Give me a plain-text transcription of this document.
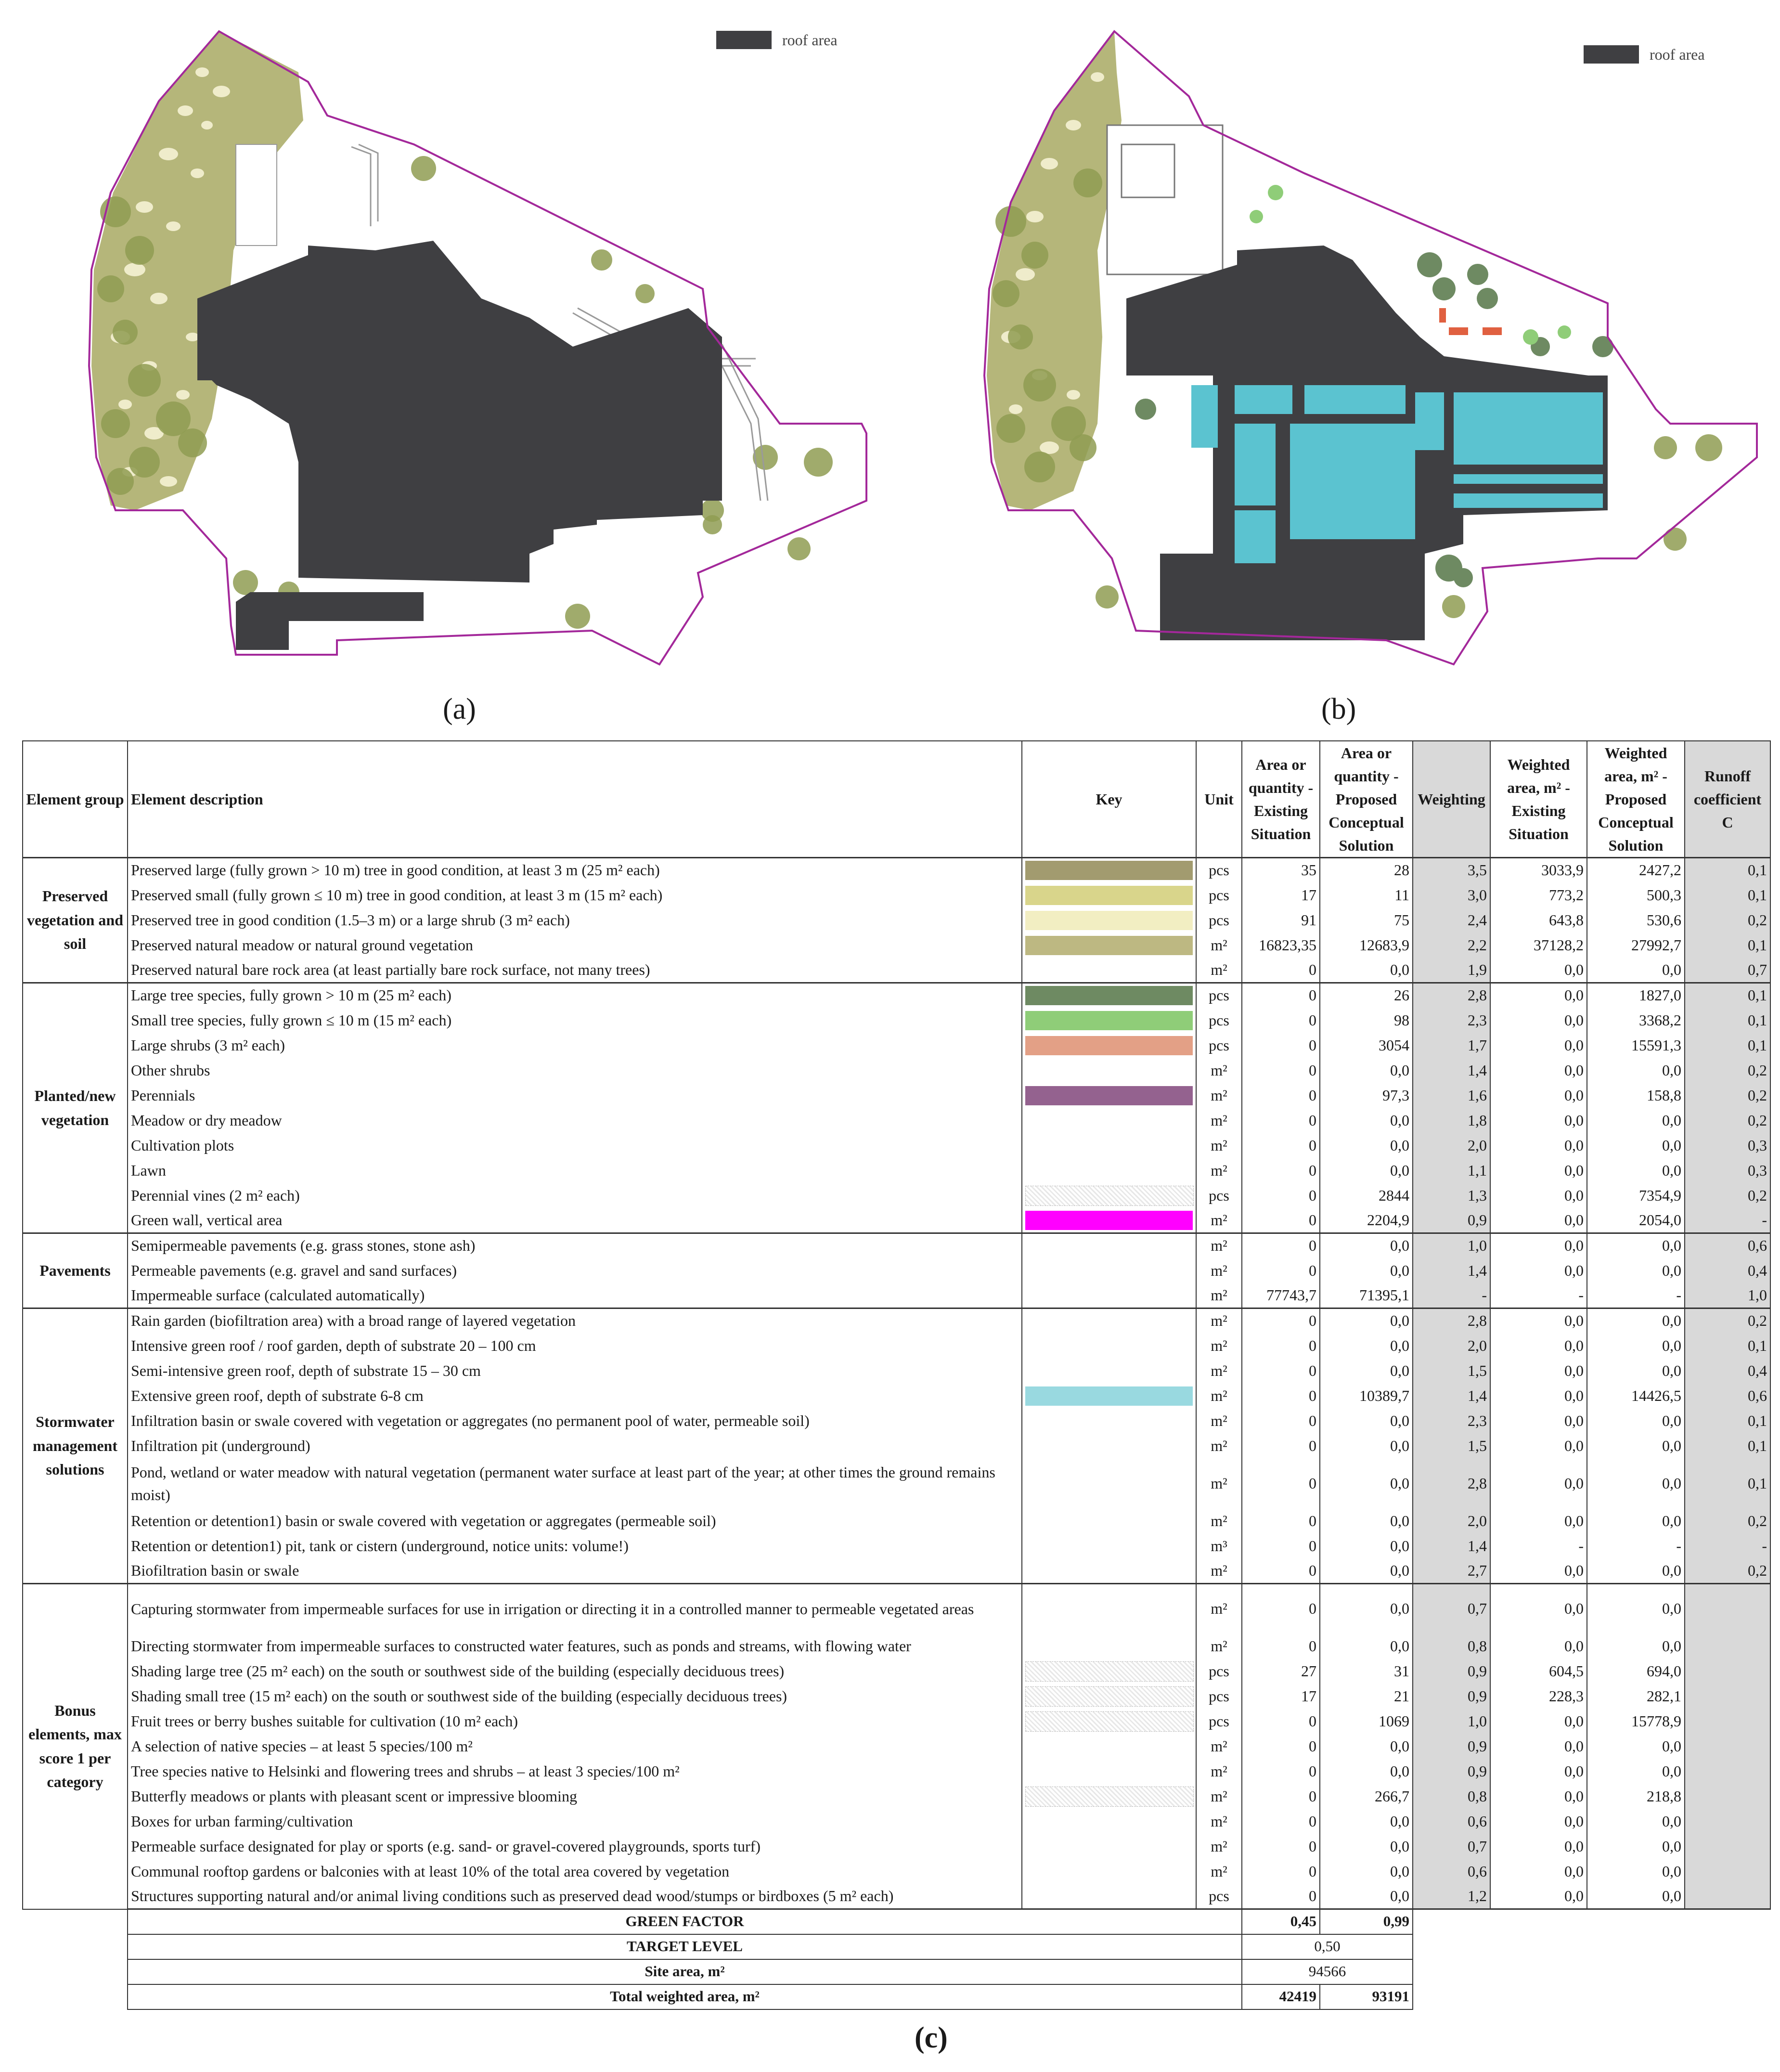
roof area
(a)
roof area
(b)
Element group	Element description	Key	Unit	Area or quantity - Existing Situation	Area or quantity - Proposed Conceptual Solution	Weighting	Weighted area, m² - Existing Situation	Weighted area, m² - Proposed Conceptual Solution	Runoff coefficient C
Preserved vegetation and soil	Preserved large (fully grown > 10 m) tree in good condition, at least 3 m (25 m² each)		pcs	35	28	3,5	3033,9	2427,2	0,1
	Preserved small (fully grown ≤ 10 m) tree in good condition, at least 3 m (15 m² each)		pcs	17	11	3,0	773,2	500,3	0,1
	Preserved tree in good condition (1.5–3 m) or a large shrub (3 m² each)		pcs	91	75	2,4	643,8	530,6	0,2
	Preserved natural meadow or natural ground vegetation		m²	16823,35	12683,9	2,2	37128,2	27992,7	0,1
	Preserved natural bare rock area (at least partially bare rock surface, not many trees)		m²	0	0,0	1,9	0,0	0,0	0,7
Planted/new vegetation	Large tree species, fully grown > 10 m (25 m² each)		pcs	0	26	2,8	0,0	1827,0	0,1
	Small tree species, fully grown ≤ 10 m (15 m² each)		pcs	0	98	2,3	0,0	3368,2	0,1
	Large shrubs (3 m² each)		pcs	0	3054	1,7	0,0	15591,3	0,1
	Other shrubs		m²	0	0,0	1,4	0,0	0,0	0,2
	Perennials		m²	0	97,3	1,6	0,0	158,8	0,2
	Meadow or dry meadow		m²	0	0,0	1,8	0,0	0,0	0,2
	Cultivation plots		m²	0	0,0	2,0	0,0	0,0	0,3
	Lawn		m²	0	0,0	1,1	0,0	0,0	0,3
	Perennial vines (2 m² each)		pcs	0	2844	1,3	0,0	7354,9	0,2
	Green wall, vertical area		m²	0	2204,9	0,9	0,0	2054,0	-
Pavements	Semipermeable pavements (e.g. grass stones, stone ash)		m²	0	0,0	1,0	0,0	0,0	0,6
	Permeable pavements (e.g. gravel and sand surfaces)		m²	0	0,0	1,4	0,0	0,0	0,4
	Impermeable surface (calculated automatically)		m²	77743,7	71395,1	-	-	-	1,0
Stormwater management solutions	Rain garden (biofiltration area) with a broad range of layered vegetation		m²	0	0,0	2,8	0,0	0,0	0,2
	Intensive green roof / roof garden, depth of substrate 20 – 100 cm		m²	0	0,0	2,0	0,0	0,0	0,1
	Semi-intensive green roof, depth of substrate 15 – 30 cm		m²	0	0,0	1,5	0,0	0,0	0,4
	Extensive green roof, depth of substrate 6-8 cm		m²	0	10389,7	1,4	0,0	14426,5	0,6
	Infiltration basin or swale covered with vegetation or aggregates (no permanent pool of water, permeable soil)		m²	0	0,0	2,3	0,0	0,0	0,1
	Infiltration pit (underground)		m²	0	0,0	1,5	0,0	0,0	0,1
	Pond, wetland or water meadow with natural vegetation (permanent water surface at least part of the year; at other times the ground remains moist)		m²	0	0,0	2,8	0,0	0,0	0,1
	Retention or detention1) basin or swale covered with vegetation or aggregates (permeable soil)		m²	0	0,0	2,0	0,0	0,0	0,2
	Retention or detention1) pit, tank or cistern (underground, notice units: volume!)		m³	0	0,0	1,4	-	-	-
	Biofiltration basin or swale		m²	0	0,0	2,7	0,0	0,0	0,2
Bonus elements, max score 1 per category	Capturing stormwater from impermeable surfaces for use in irrigation or directing it in a controlled manner to permeable vegetated areas		m²	0	0,0	0,7	0,0	0,0	
	Directing stormwater from impermeable surfaces to constructed water features, such as ponds and streams, with flowing water		m²	0	0,0	0,8	0,0	0,0	
	Shading large tree (25 m² each) on the south or southwest side of the building (especially deciduous trees)		pcs	27	31	0,9	604,5	694,0	
	Shading small tree (15 m² each) on the south or southwest side of the building (especially deciduous trees)		pcs	17	21	0,9	228,3	282,1	
	Fruit trees or berry bushes suitable for cultivation (10 m² each)		pcs	0	1069	1,0	0,0	15778,9	
	A selection of native species – at least 5 species/100 m²		m²	0	0,0	0,9	0,0	0,0	
	Tree species native to Helsinki and flowering trees and shrubs – at least 3 species/100 m²		m²	0	0,0	0,9	0,0	0,0	
	Butterfly meadows or plants with pleasant scent or impressive blooming		m²	0	266,7	0,8	0,0	218,8	
	Boxes for urban farming/cultivation		m²	0	0,0	0,6	0,0	0,0	
	Permeable surface designated for play or sports (e.g. sand- or gravel-covered playgrounds, sports turf)		m²	0	0,0	0,7	0,0	0,0	
	Communal rooftop gardens or balconies with at least 10% of the total area covered by vegetation		m²	0	0,0	0,6	0,0	0,0	
	Structures supporting natural and/or animal living conditions such as preserved dead wood/stumps or birdboxes (5 m² each)		pcs	0	0,0	1,2	0,0	0,0	
	GREEN FACTOR			0,45	0,99				
	TARGET LEVEL			0,50					
	Site area, m²			94566					
	Total weighted area, m²			42419	93191				
(c)
